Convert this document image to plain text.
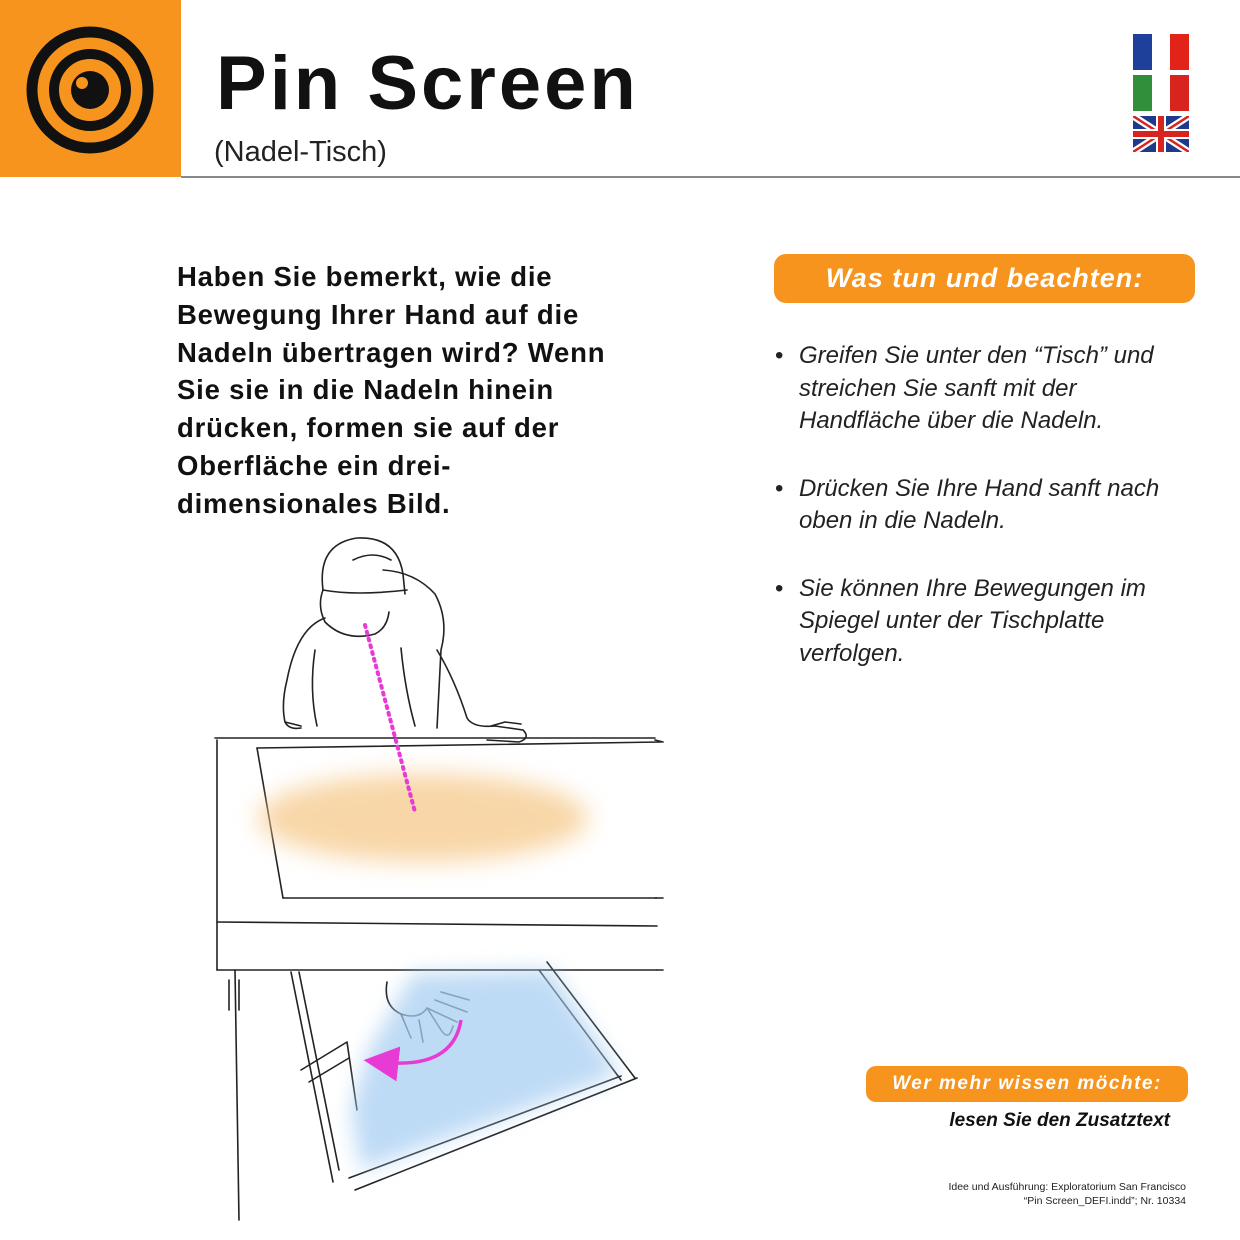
Pin Screen
(Nadel-Tisch)

Haben Sie bemerkt, wie die Bewegung Ihrer Hand auf die Nadeln übertragen wird? Wenn Sie sie in die Nadeln hinein drücken, formen sie auf der Oberfläche ein drei-dimensionales Bild.

Was tun und beachten:
• Greifen Sie unter den “Tisch” und streichen Sie sanft mit der Handfläche über die Nadeln.
• Drücken Sie Ihre Hand sanft nach oben in die Nadeln.
• Sie können Ihre Bewegungen im Spiegel unter der Tischplatte verfolgen.
Wer mehr wissen möchte:
lesen Sie den Zusatztext
Idee und Ausführung: Exploratorium San Francisco
“Pin Screen_DEFI.indd”; Nr. 10334
